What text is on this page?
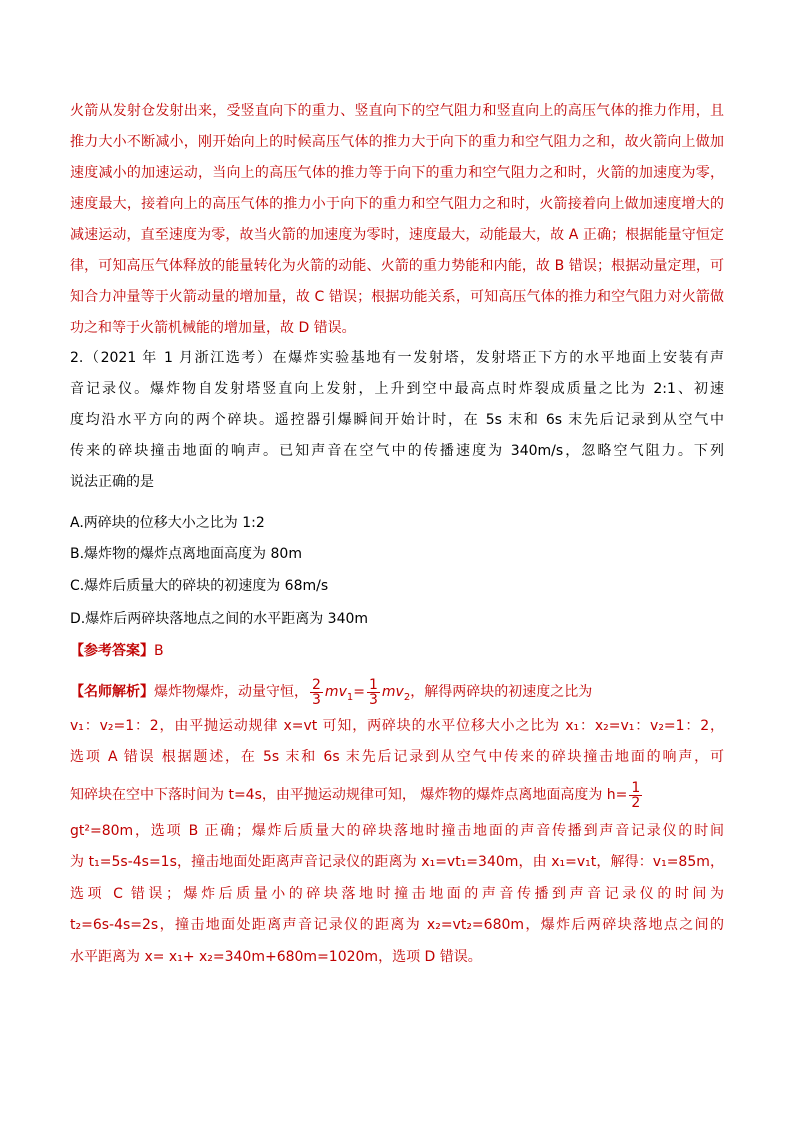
火箭从发射仓发射出来，受竖直向下的重力、竖直向下的空气阻力和竖直向上的高压气体的推力作用，且
推力大小不断减小，刚开始向上的时候高压气体的推力大于向下的重力和空气阻力之和，故火箭向上做加
速度减小的加速运动，当向上的高压气体的推力等于向下的重力和空气阻力之和时，火箭的加速度为零，
速度最大，接着向上的高压气体的推力小于向下的重力和空气阻力之和时，火箭接着向上做加速度增大的
减速运动，直至速度为零，故当火箭的加速度为零时，速度最大，动能最大，故 A 正确；根据能量守恒定
律，可知高压气体释放的能量转化为火箭的动能、火箭的重力势能和内能，故 B 错误；根据动量定理，可
知合力冲量等于火箭动量的增加量，故 C 错误；根据功能关系，可知高压气体的推力和空气阻力对火箭做
功之和等于火箭机械能的增加量，故 D 错误。
2.（2021 年 1 月浙江选考）在爆炸实验基地有一发射塔，发射塔正下方的水平地面上安装有声
音记录仪。爆炸物自发射塔竖直向上发射，上升到空中最高点时炸裂成质量之比为 2:1、初速
度均沿水平方向的两个碎块。遥控器引爆瞬间开始计时，在 5s 末和 6s 末先后记录到从空气中
传来的碎块撞击地面的响声。已知声音在空气中的传播速度为 340m/s，忽略空气阻力。下列
说法正确的是
A.两碎块的位移大小之比为 1:2
B.爆炸物的爆炸点离地面高度为 80m
C.爆炸后质量大的碎块的初速度为 68m/s
D.爆炸后两碎块落地点之间的水平距离为 340m
【参考答案】B
【名师解析】爆炸物爆炸，动量守恒， $\frac{2}{3} mv_1= \frac{1}{3} mv_2$，解得两碎块的初速度之比为
v₁：v₂=1：2，由平抛运动规律 x=vt 可知，两碎块的水平位移大小之比为 x₁：x₂=v₁：v₂=1：2，
选项 A 错误 根据题述，在 5s 末和 6s 末先后记录到从空气中传来的碎块撞击地面的响声，可
知碎块在空中下落时间为 t=4s，由平抛运动规律可知， 爆炸物的爆炸点离地面高度为 $h= \frac{1}{2}$
gt²=80m，选项 B 正确；爆炸后质量大的碎块落地时撞击地面的声音传播到声音记录仪的时间
为 t₁=5s-4s=1s，撞击地面处距离声音记录仪的距离为 x₁=vt₁=340m，由 x₁=v₁t，解得：v₁=85m，
选项 C 错误；爆炸后质量小的碎块落地时撞击地面的声音传播到声音记录仪的时间为
t₂=6s-4s=2s，撞击地面处距离声音记录仪的距离为 x₂=vt₂=680m，爆炸后两碎块落地点之间的
水平距离为 x= x₁+ x₂=340m+680m=1020m，选项 D 错误。
